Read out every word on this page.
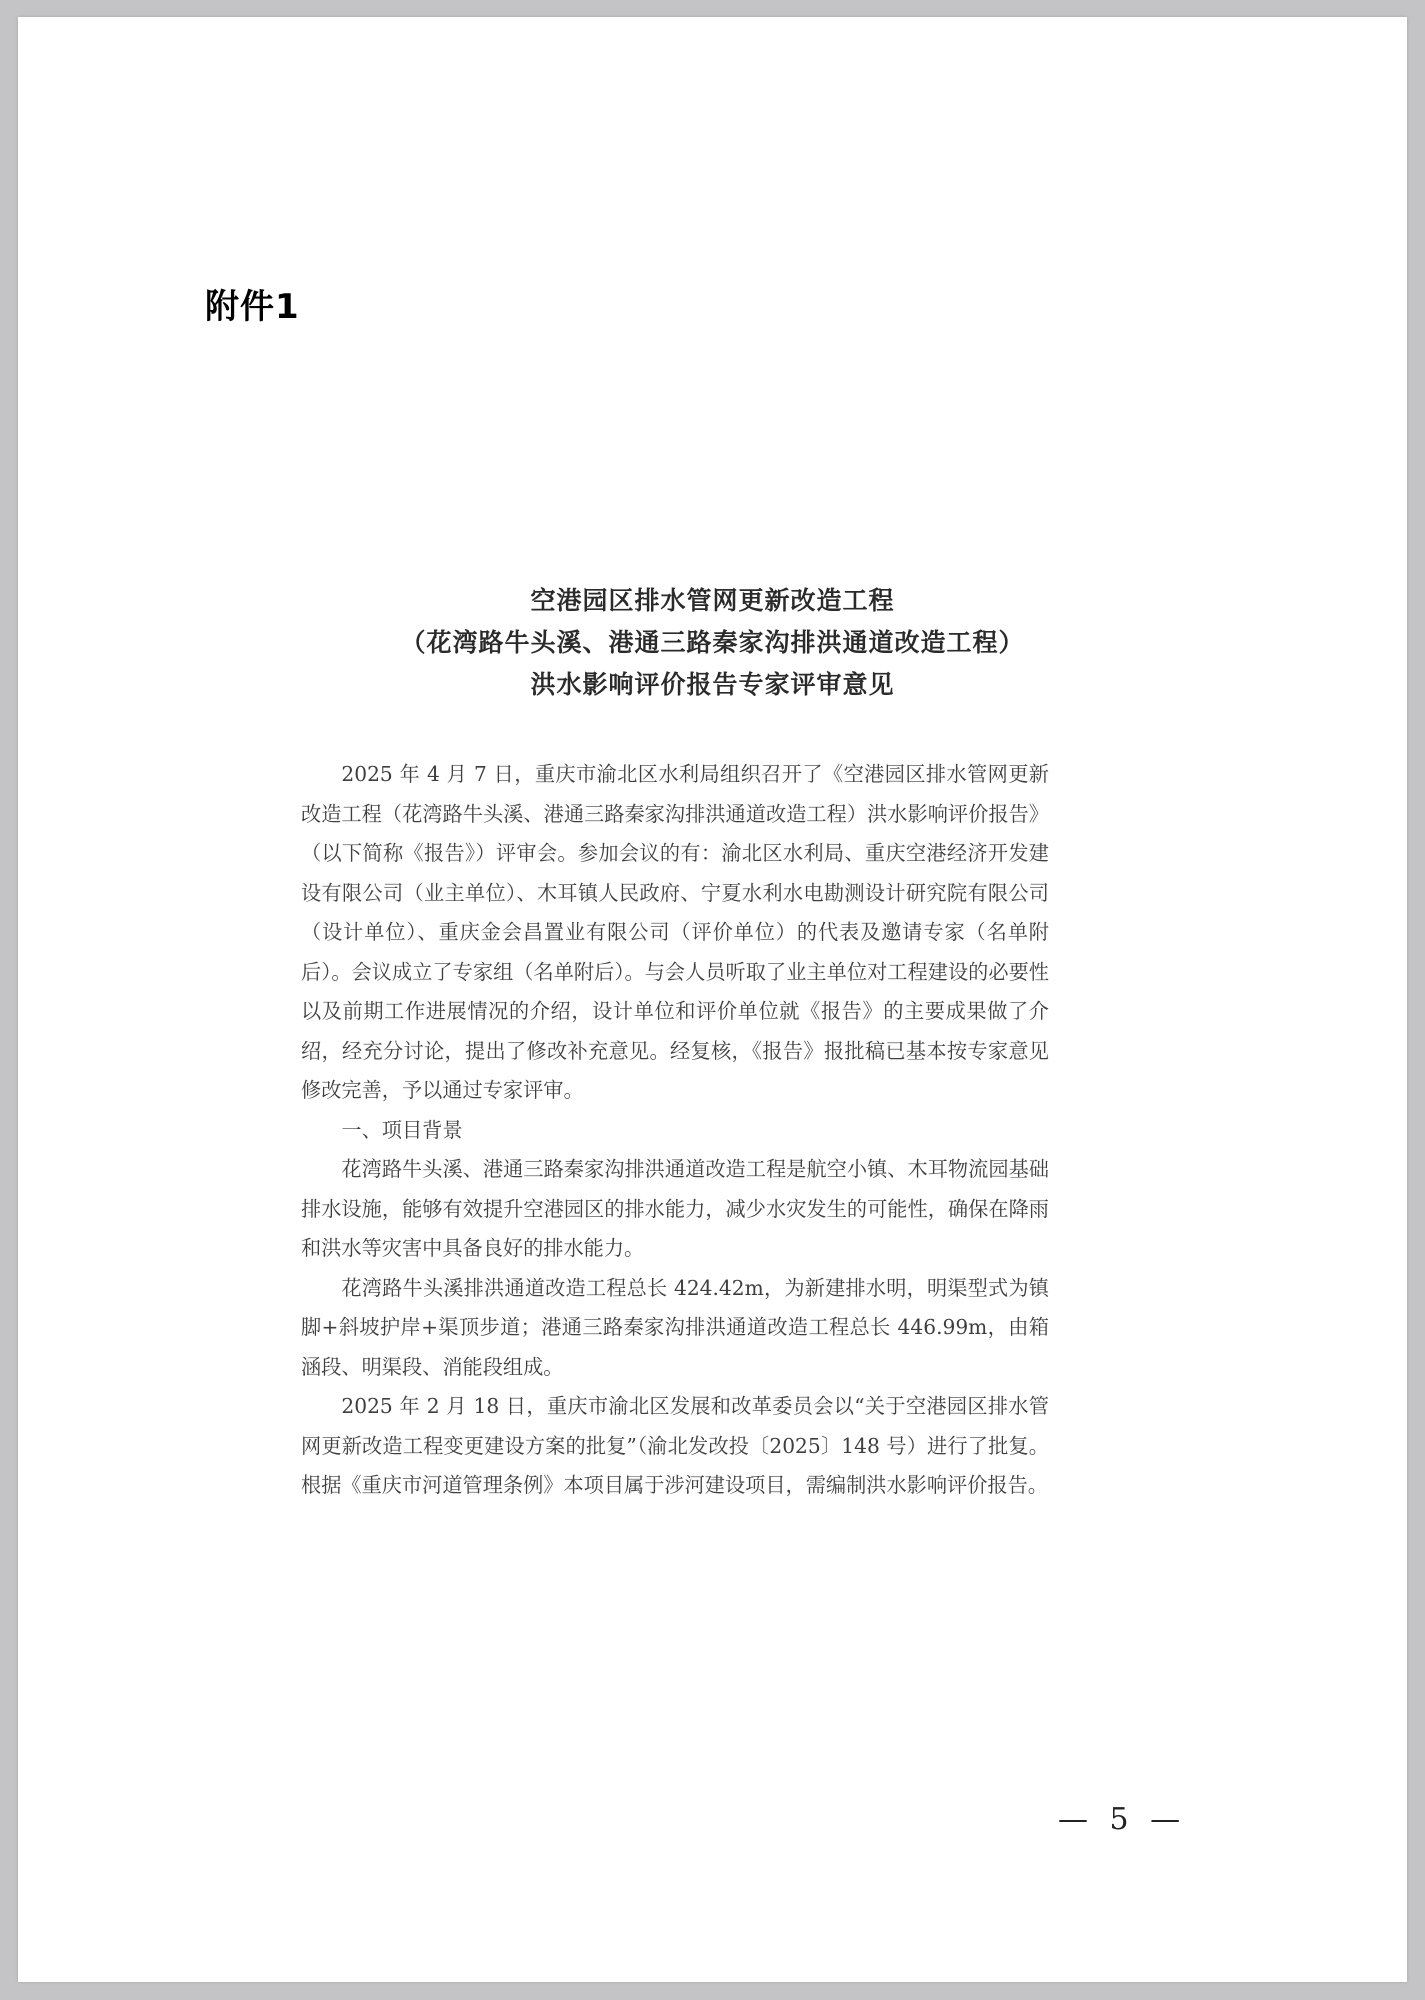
附件1
空港园区排水管网更新改造工程
（花湾路牛头溪、港通三路秦家沟排洪通道改造工程）
洪水影响评价报告专家评审意见

2025 年 4 月 7 日，重庆市渝北区水利局组织召开了《空港园区排水管网更新改造工程（花湾路牛头溪、港通三路秦家沟排洪通道改造工程）洪水影响评价报告》（以下简称《报告》）评审会。参加会议的有：渝北区水利局、重庆空港经济开发建设有限公司（业主单位）、木耳镇人民政府、宁夏水利水电勘测设计研究院有限公司（设计单位）、重庆金会昌置业有限公司（评价单位）的代表及邀请专家（名单附后）。会议成立了专家组（名单附后）。与会人员听取了业主单位对工程建设的必要性以及前期工作进展情况的介绍，设计单位和评价单位就《报告》的主要成果做了介绍，经充分讨论，提出了修改补充意见。经复核，《报告》报批稿已基本按专家意见修改完善，予以通过专家评审。

一、项目背景

花湾路牛头溪、港通三路秦家沟排洪通道改造工程是航空小镇、木耳物流园基础排水设施，能够有效提升空港园区的排水能力，减少水灾发生的可能性，确保在降雨和洪水等灾害中具备良好的排水能力。

花湾路牛头溪排洪通道改造工程总长 424.42m，为新建排水明，明渠型式为镇脚+斜坡护岸+渠顶步道；港通三路秦家沟排洪通道改造工程总长 446.99m，由箱涵段、明渠段、消能段组成。

2025 年 2 月 18 日，重庆市渝北区发展和改革委员会以“关于空港园区排水管网更新改造工程变更建设方案的批复”（渝北发改投〔2025〕148 号）进行了批复。根据《重庆市河道管理条例》本项目属于涉河建设项目，需编制洪水影响评价报告。

— 5 —
